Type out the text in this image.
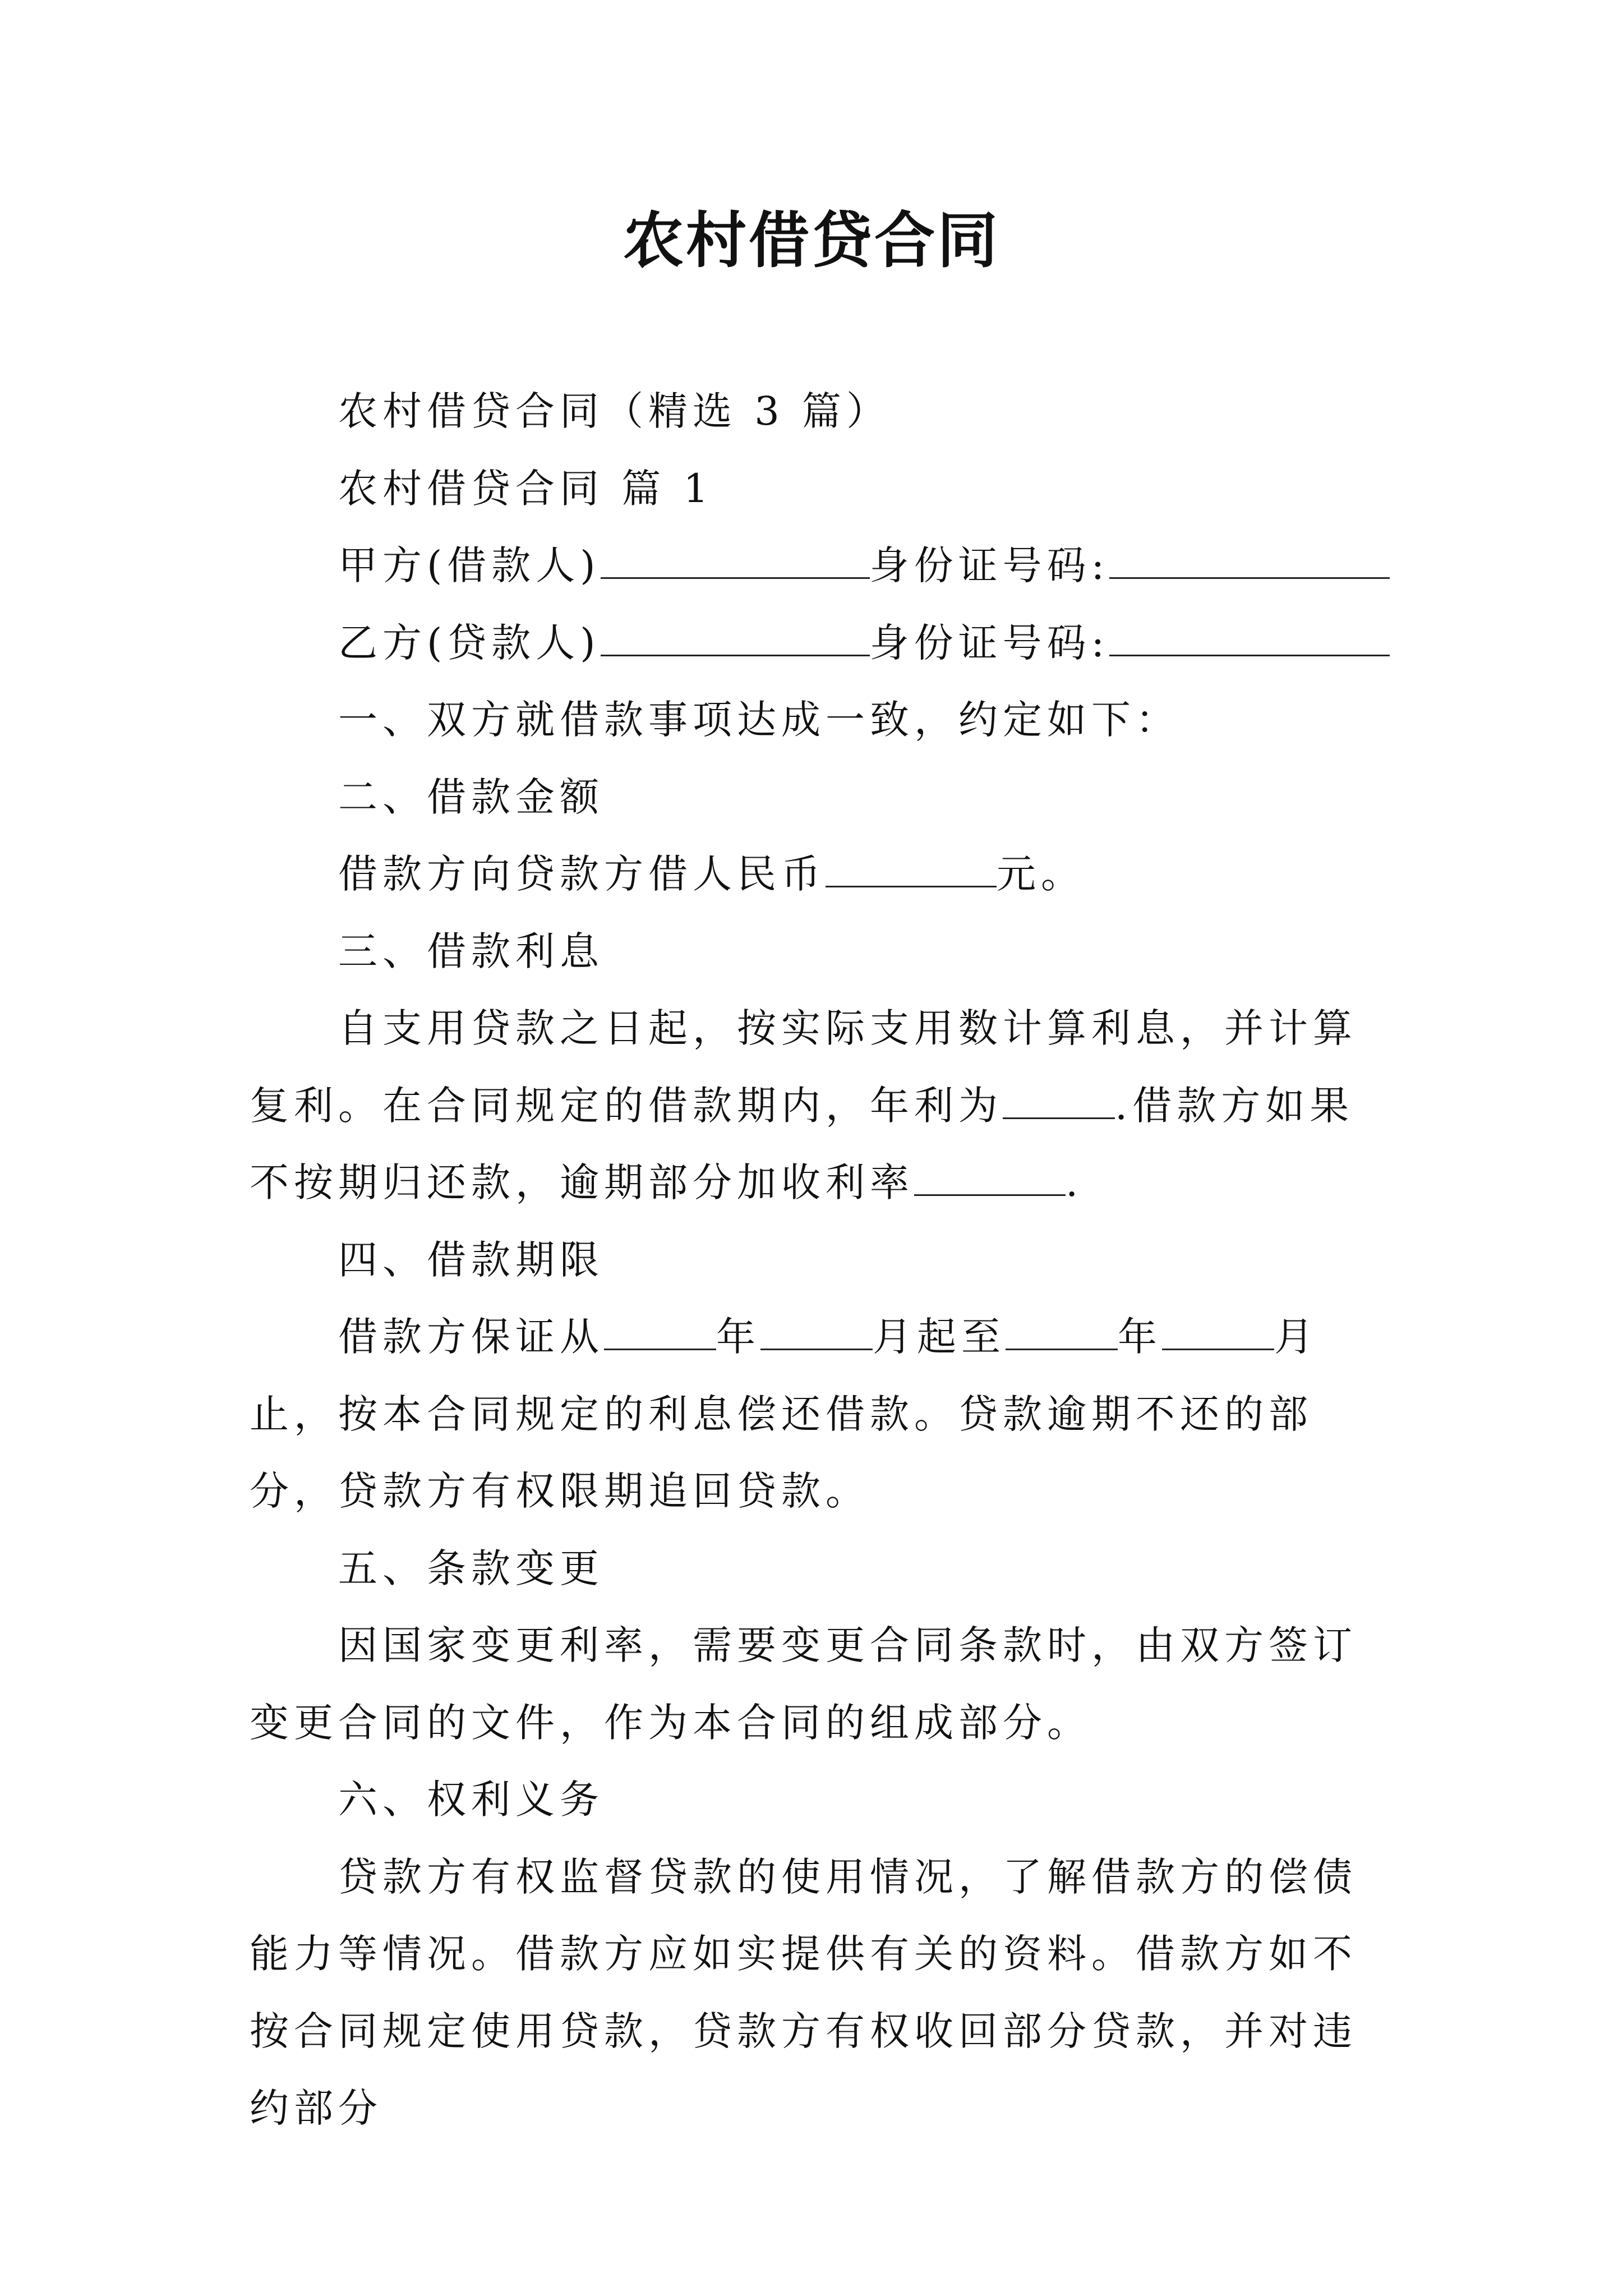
农村借贷合同

农村借贷合同（精选 3 篇）

农村借贷合同 篇 1

甲方(借款人)	身份证号码:

乙方(贷款人)	身份证号码:

一、双方就借款事项达成一致，约定如下：

二、借款金额

借款方向贷款方借人民币	元。

三、借款利息

自支用贷款之日起，按实际支用数计算利息，并计算复利。在合同规定的借款期内，年利为	.借款方如果不按期归还款，逾期部分加收利率	.

四、借款期限

借款方保证从	年	月起至	年	月止，按本合同规定的利息偿还借款。贷款逾期不还的部分，贷款方有权限期追回贷款。

五、条款变更

因国家变更利率，需要变更合同条款时，由双方签订变更合同的文件，作为本合同的组成部分。

六、权利义务

贷款方有权监督贷款的使用情况，了解借款方的偿债能力等情况。借款方应如实提供有关的资料。借款方如不按合同规定使用贷款，贷款方有权收回部分贷款，并对违约部分
